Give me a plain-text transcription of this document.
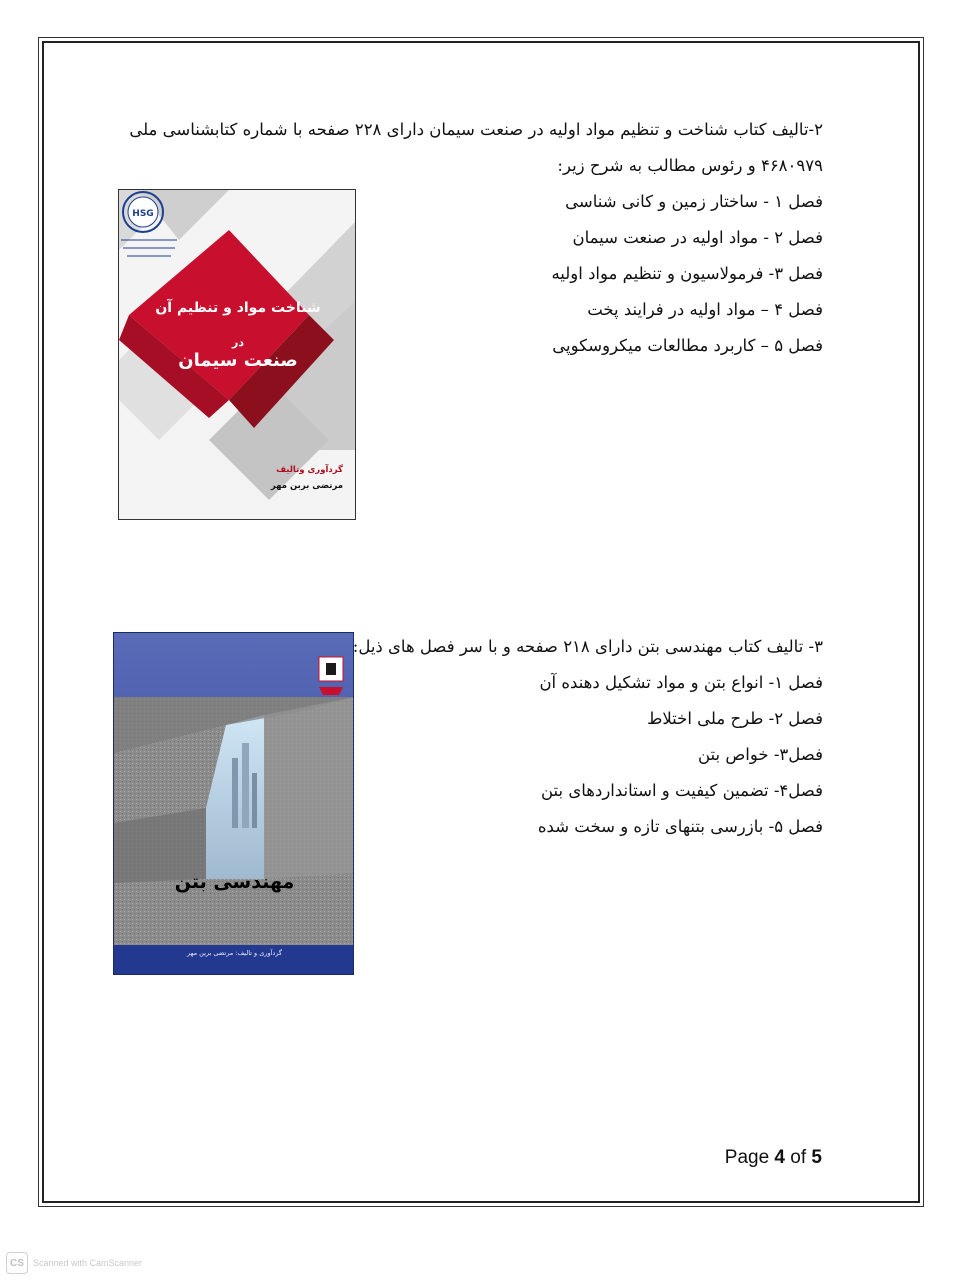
۲-تالیف کتاب شناخت و تنظیم مواد اولیه در صنعت سیمان دارای ۲۲۸ صفحه با شماره کتابشناسی ملی
۴۶۸۰۹۷۹ و رئوس مطالب به شرح زیر:
فصل ۱ - ساختار زمین و کانی شناسی
فصل ۲ - مواد اولیه در صنعت سیمان
فصل ۳- فرمولاسیون و تنظیم مواد اولیه
فصل ۴ – مواد اولیه در فرایند پخت
فصل ۵ – کاربرد مطالعات میکروسکوپی
HSG
شناخت مواد و تنظیم آن
در
صنعت سیمان
گردآوری وتالیف
مرتضی بربن مهر
۳- تالیف کتاب مهندسی بتن دارای ۲۱۸ صفحه و با سر فصل های ذیل:
فصل ۱- انواع بتن و مواد تشکیل دهنده آن
فصل ۲- طرح ملی اختلاط
فصل۳- خواص بتن
فصل۴- تضمین کیفیت و استانداردهای بتن
فصل ۵- بازرسی بتنهای تازه و سخت شده
مهندسی بتن
گردآوری و تالیف: مرتضی برین مهر
Page 4 of 5
CS	Scanned with CamScanner
